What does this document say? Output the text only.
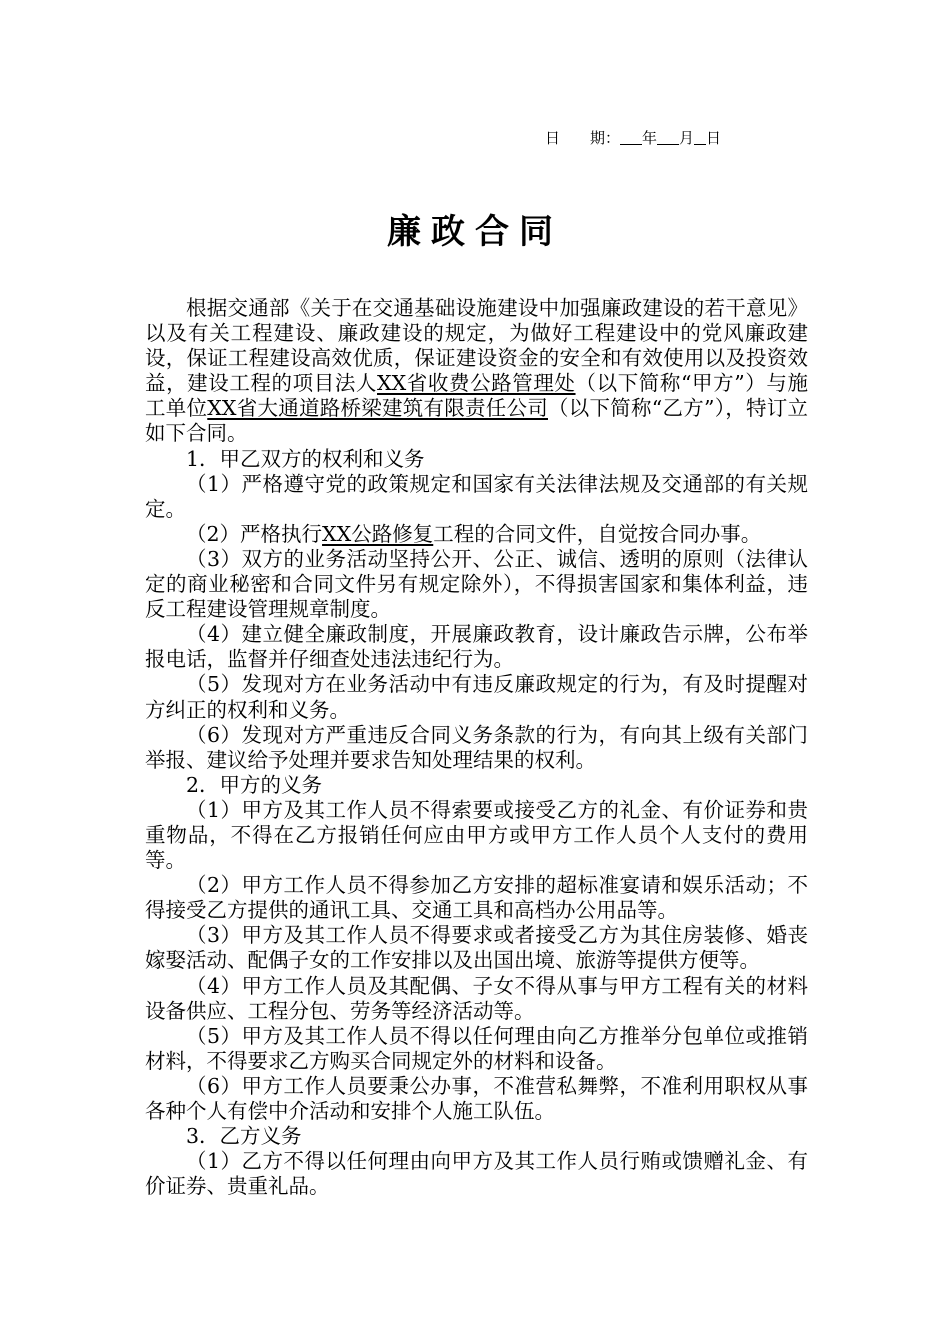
日　　期： 年 月 日
廉政合同

根据交通部《关于在交通基础设施建设中加强廉政建设的若干意见》以及有关工程建设、廉政建设的规定，为做好工程建设中的党风廉政建设，保证工程建设高效优质，保证建设资金的安全和有效使用以及投资效益，建设工程的项目法人XX省收费公路管理处（以下简称“甲方”）与施工单位XX省大通道路桥梁建筑有限责任公司（以下简称“乙方”），特订立如下合同。

1．甲乙双方的权利和义务

（1）严格遵守党的政策规定和国家有关法律法规及交通部的有关规定。

（2）严格执行XX公路修复工程的合同文件，自觉按合同办事。

（3）双方的业务活动坚持公开、公正、诚信、透明的原则（法律认定的商业秘密和合同文件另有规定除外），不得损害国家和集体利益，违反工程建设管理规章制度。

（4）建立健全廉政制度，开展廉政教育，设计廉政告示牌，公布举报电话，监督并仔细查处违法违纪行为。

（5）发现对方在业务活动中有违反廉政规定的行为，有及时提醒对方纠正的权利和义务。

（6）发现对方严重违反合同义务条款的行为，有向其上级有关部门举报、建议给予处理并要求告知处理结果的权利。

2．甲方的义务

（1）甲方及其工作人员不得索要或接受乙方的礼金、有价证券和贵重物品，不得在乙方报销任何应由甲方或甲方工作人员个人支付的费用等。

（2）甲方工作人员不得参加乙方安排的超标准宴请和娱乐活动；不得接受乙方提供的通讯工具、交通工具和高档办公用品等。

（3）甲方及其工作人员不得要求或者接受乙方为其住房装修、婚丧嫁娶活动、配偶子女的工作安排以及出国出境、旅游等提供方便等。

（4）甲方工作人员及其配偶、子女不得从事与甲方工程有关的材料设备供应、工程分包、劳务等经济活动等。

（5）甲方及其工作人员不得以任何理由向乙方推举分包单位或推销材料，不得要求乙方购买合同规定外的材料和设备。

（6）甲方工作人员要秉公办事，不准营私舞弊，不准利用职权从事各种个人有偿中介活动和安排个人施工队伍。

3．乙方义务

（1）乙方不得以任何理由向甲方及其工作人员行贿或馈赠礼金、有价证券、贵重礼品。
